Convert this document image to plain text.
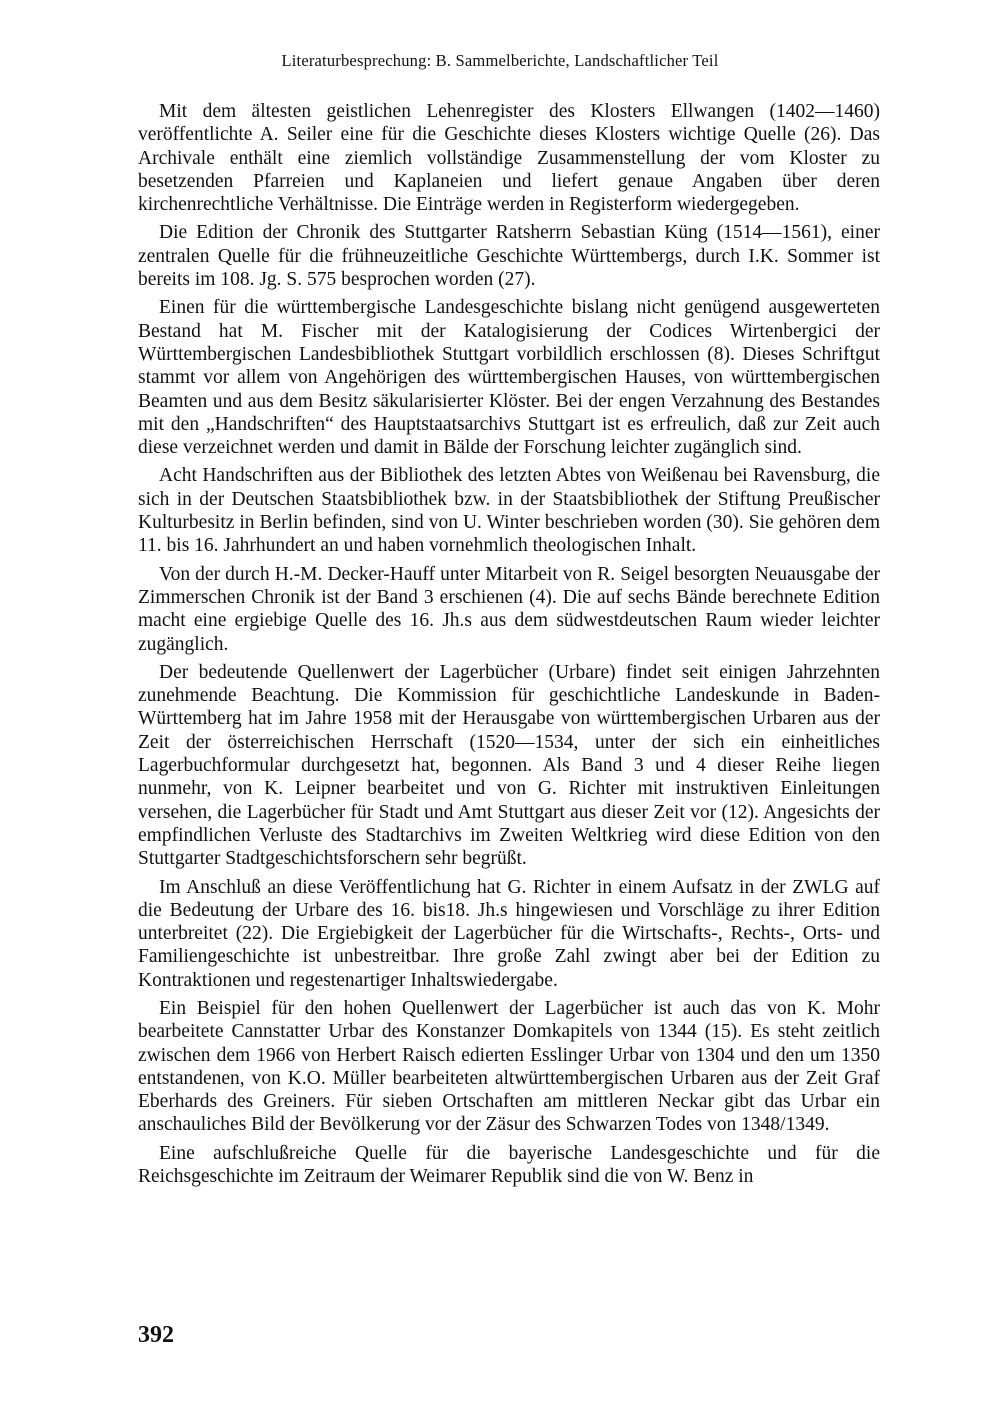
Literaturbesprechung: B. Sammelberichte, Landschaftlicher Teil

Mit dem ältesten geistlichen Lehenregister des Klosters Ellwangen (1402—1460) veröffentlichte A. Seiler eine für die Geschichte dieses Klosters wichtige Quelle (26). Das Archivale enthält eine ziemlich vollständige Zusammenstellung der vom Kloster zu besetzenden Pfarreien und Kaplaneien und liefert genaue Angaben über deren kirchenrechtliche Verhältnisse. Die Einträge werden in Registerform wiedergegeben.

Die Edition der Chronik des Stuttgarter Ratsherrn Sebastian Küng (1514—1561), einer zentralen Quelle für die frühneuzeitliche Geschichte Württembergs, durch I.K. Sommer ist bereits im 108. Jg. S. 575 besprochen worden (27).

Einen für die württembergische Landesgeschichte bislang nicht genügend ausgewerteten Bestand hat M. Fischer mit der Katalogisierung der Codices Wirtenbergici der Württembergischen Landesbibliothek Stuttgart vorbildlich erschlossen (8). Dieses Schriftgut stammt vor allem von Angehörigen des württembergischen Hauses, von württembergischen Beamten und aus dem Besitz säkularisierter Klöster. Bei der engen Verzahnung des Bestandes mit den „Handschriften“ des Hauptstaatsarchivs Stuttgart ist es erfreulich, daß zur Zeit auch diese verzeichnet werden und damit in Bälde der Forschung leichter zugänglich sind.

Acht Handschriften aus der Bibliothek des letzten Abtes von Weißenau bei Ravensburg, die sich in der Deutschen Staatsbibliothek bzw. in der Staatsbibliothek der Stiftung Preußischer Kulturbesitz in Berlin befinden, sind von U. Winter beschrieben worden (30). Sie gehören dem 11. bis 16. Jahrhundert an und haben vornehmlich theologischen Inhalt.

Von der durch H.-M. Decker-Hauff unter Mitarbeit von R. Seigel besorgten Neuausgabe der Zimmerschen Chronik ist der Band 3 erschienen (4). Die auf sechs Bände berechnete Edition macht eine ergiebige Quelle des 16. Jh.s aus dem südwestdeutschen Raum wieder leichter zugänglich.

Der bedeutende Quellenwert der Lagerbücher (Urbare) findet seit einigen Jahrzehnten zunehmende Beachtung. Die Kommission für geschichtliche Landeskunde in Baden-Württemberg hat im Jahre 1958 mit der Herausgabe von württembergischen Urbaren aus der Zeit der österreichischen Herrschaft (1520—1534, unter der sich ein einheitliches Lagerbuchformular durchgesetzt hat, begonnen. Als Band 3 und 4 dieser Reihe liegen nunmehr, von K. Leipner bearbeitet und von G. Richter mit instruktiven Einleitungen versehen, die Lagerbücher für Stadt und Amt Stuttgart aus dieser Zeit vor (12). Angesichts der empfindlichen Verluste des Stadtarchivs im Zweiten Weltkrieg wird diese Edition von den Stuttgarter Stadtgeschichtsforschern sehr begrüßt.

Im Anschluß an diese Veröffentlichung hat G. Richter in einem Aufsatz in der ZWLG auf die Bedeutung der Urbare des 16. bis18. Jh.s hingewiesen und Vorschläge zu ihrer Edition unterbreitet (22). Die Ergiebigkeit der Lagerbücher für die Wirtschafts-, Rechts-, Orts- und Familiengeschichte ist unbestreitbar. Ihre große Zahl zwingt aber bei der Edition zu Kontraktionen und regestenartiger Inhaltswiedergabe.

Ein Beispiel für den hohen Quellenwert der Lagerbücher ist auch das von K. Mohr bearbeitete Cannstatter Urbar des Konstanzer Domkapitels von 1344 (15). Es steht zeitlich zwischen dem 1966 von Herbert Raisch edierten Esslinger Urbar von 1304 und den um 1350 entstandenen, von K.O. Müller bearbeiteten altwürttembergischen Urbaren aus der Zeit Graf Eberhards des Greiners. Für sieben Ortschaften am mittleren Neckar gibt das Urbar ein anschauliches Bild der Bevölkerung vor der Zäsur des Schwarzen Todes von 1348/1349.

Eine aufschlußreiche Quelle für die bayerische Landesgeschichte und für die Reichsgeschichte im Zeitraum der Weimarer Republik sind die von W. Benz in

392
